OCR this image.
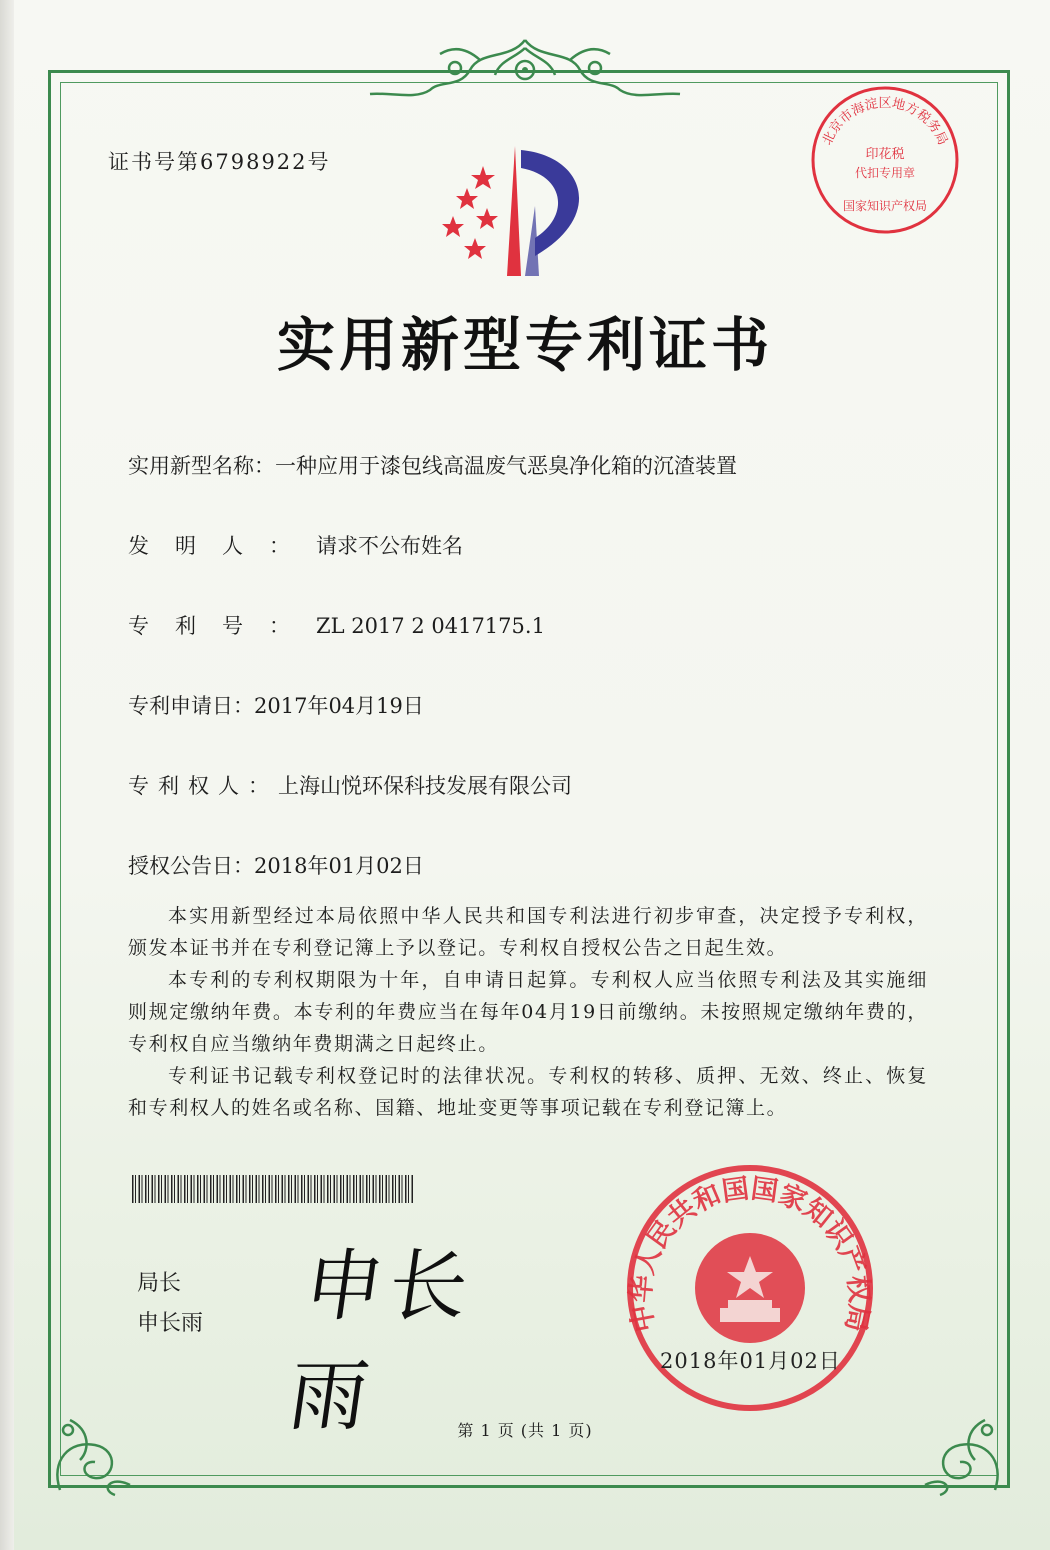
证书号第6798922号
北京市海淀区地方税务局
印花税
代扣专用章
国家知识产权局
实用新型专利证书
实用新型名称：一种应用于漆包线高温废气恶臭净化箱的沉渣装置
发明人：请求不公布姓名
专利号：ZL 2017 2 0417175.1
专利申请日：2017年04月19日
专利权人：上海山悦环保科技发展有限公司
授权公告日：2018年01月02日

本实用新型经过本局依照中华人民共和国专利法进行初步审查，决定授予专利权，颁发本证书并在专利登记簿上予以登记。专利权自授权公告之日起生效。

本专利的专利权期限为十年，自申请日起算。专利权人应当依照专利法及其实施细则规定缴纳年费。本专利的年费应当在每年04月19日前缴纳。未按照规定缴纳年费的，专利权自应当缴纳年费期满之日起终止。

专利证书记载专利权登记时的法律状况。专利权的转移、质押、无效、终止、恢复和专利权人的姓名或名称、国籍、地址变更等事项记载在专利登记簿上。

局长
申长雨 申长雨
中华人民共和国国家知识产权局
2018年01月02日
第 1 页 (共 1 页)
